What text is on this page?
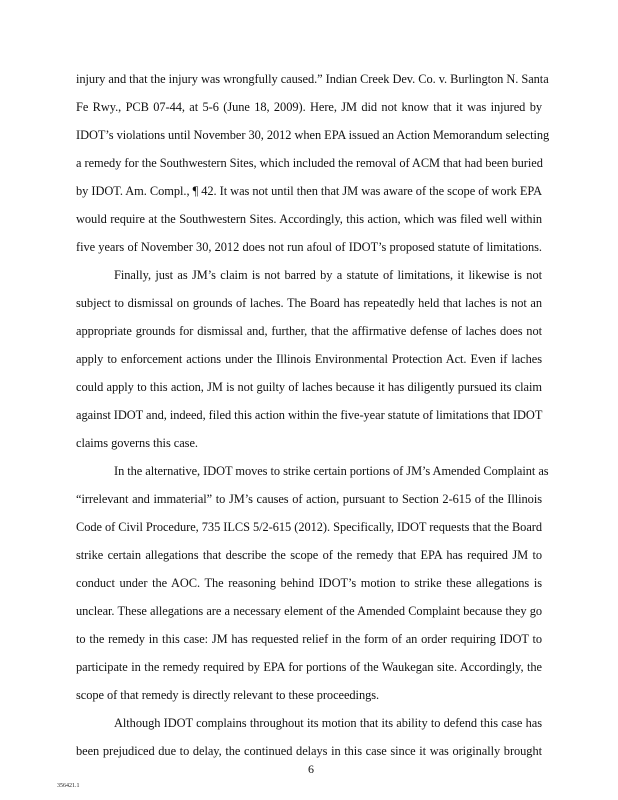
injury and that the injury was wrongfully caused.” Indian Creek Dev. Co. v. Burlington N. Santa
Fe Rwy., PCB 07-44, at 5-6 (June 18, 2009). Here, JM did not know that it was injured by
IDOT’s violations until November 30, 2012 when EPA issued an Action Memorandum selecting
a remedy for the Southwestern Sites, which included the removal of ACM that had been buried
by IDOT. Am. Compl., ¶ 42. It was not until then that JM was aware of the scope of work EPA
would require at the Southwestern Sites. Accordingly, this action, which was filed well within
five years of November 30, 2012 does not run afoul of IDOT’s proposed statute of limitations.
Finally, just as JM’s claim is not barred by a statute of limitations, it likewise is not
subject to dismissal on grounds of laches. The Board has repeatedly held that laches is not an
appropriate grounds for dismissal and, further, that the affirmative defense of laches does not
apply to enforcement actions under the Illinois Environmental Protection Act. Even if laches
could apply to this action, JM is not guilty of laches because it has diligently pursued its claim
against IDOT and, indeed, filed this action within the five-year statute of limitations that IDOT
claims governs this case.
In the alternative, IDOT moves to strike certain portions of JM’s Amended Complaint as
“irrelevant and immaterial” to JM’s causes of action, pursuant to Section 2-615 of the Illinois
Code of Civil Procedure, 735 ILCS 5/2-615 (2012). Specifically, IDOT requests that the Board
strike certain allegations that describe the scope of the remedy that EPA has required JM to
conduct under the AOC. The reasoning behind IDOT’s motion to strike these allegations is
unclear. These allegations are a necessary element of the Amended Complaint because they go
to the remedy in this case: JM has requested relief in the form of an order requiring IDOT to
participate in the remedy required by EPA for portions of the Waukegan site. Accordingly, the
scope of that remedy is directly relevant to these proceedings.
Although IDOT complains throughout its motion that its ability to defend this case has
been prejudiced due to delay, the continued delays in this case since it was originally brought
6
356421.1
